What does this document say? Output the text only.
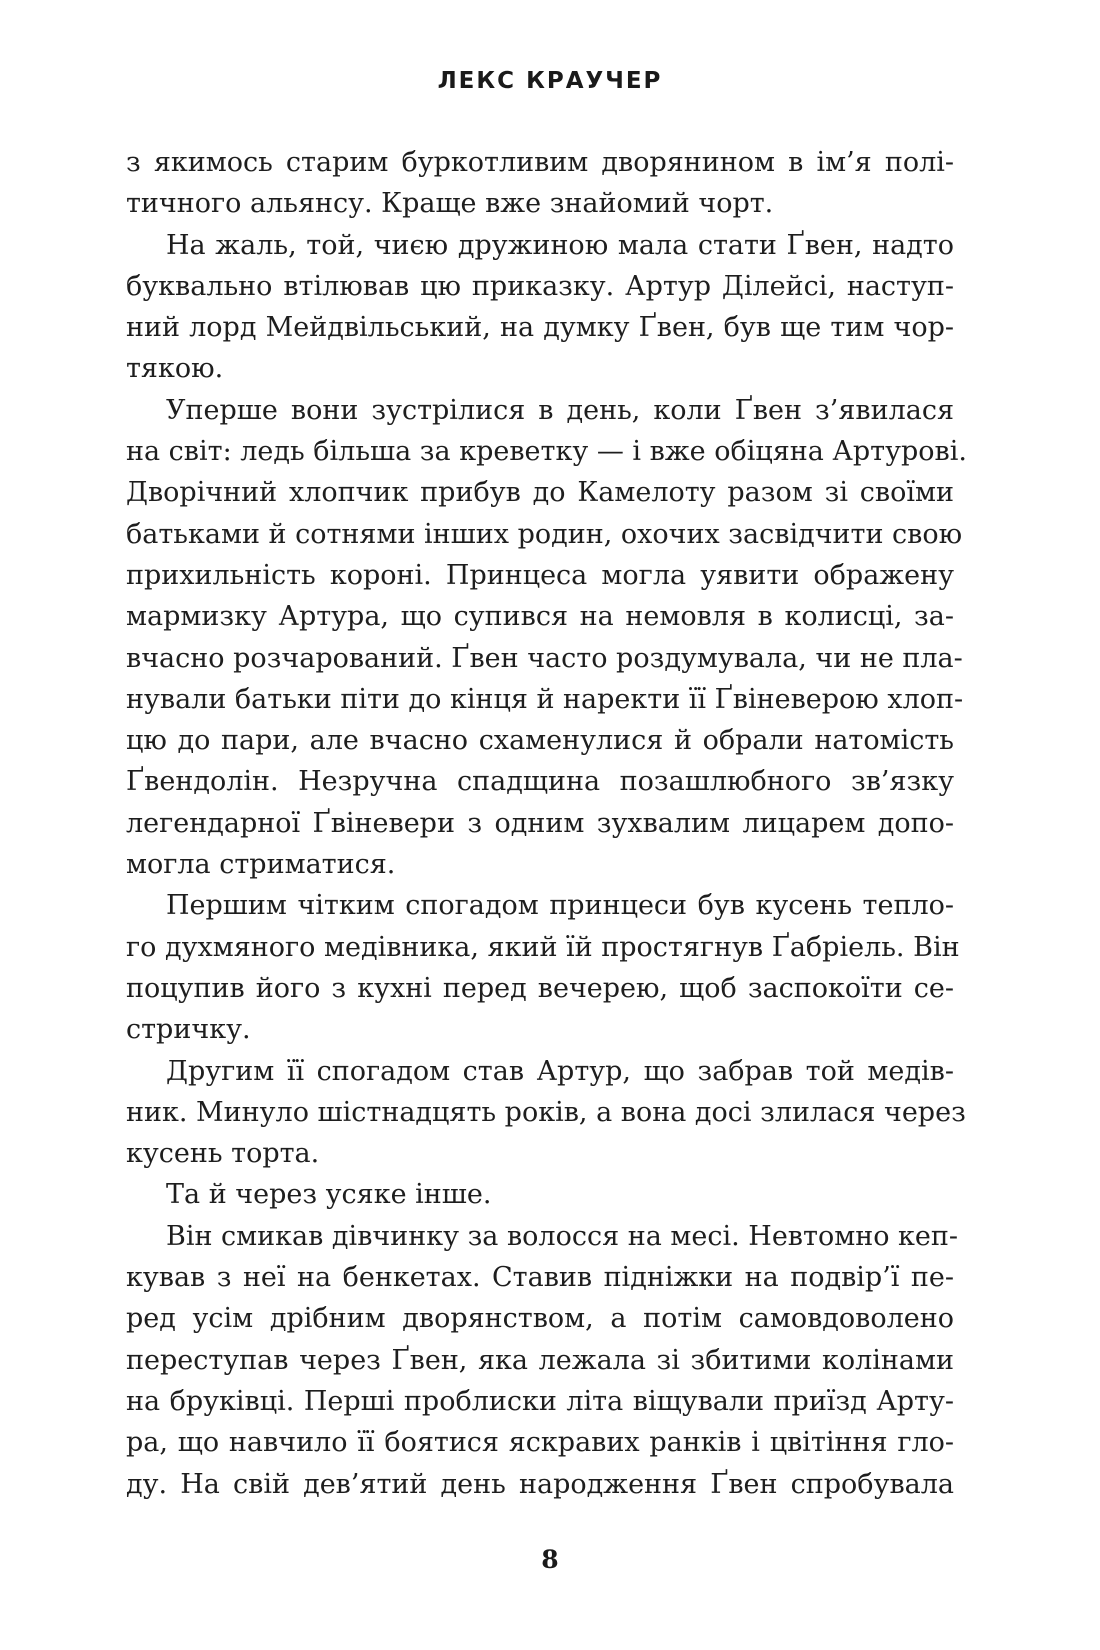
ЛЕКС КРАУЧЕР
з якимось старим буркотливим дворянином в ім’я полі-
тичного альянсу. Краще вже знайомий чорт.
На жаль, той, чиєю дружиною мала стати Ґвен, надто
буквально втілював цю приказку. Артур Ділейсі, наступ-
ний лорд Мейдвільський, на думку Ґвен, був ще тим чор-
тякою.
Уперше вони зустрілися в день, коли Ґвен з’явилася
на світ: ледь більша за креветку — і вже обіцяна Артурові.
Дворічний хлопчик прибув до Камелоту разом зі своїми
батьками й сотнями інших родин, охочих засвідчити свою
прихильність короні. Принцеса могла уявити ображену
мармизку Артура, що супився на немовля в колисці, за-
вчасно розчарований. Ґвен часто роздумувала, чи не пла-
нували батьки піти до кінця й наректи її Ґвіневерою хлоп-
цю до пари, але вчасно схаменулися й обрали натомість
Ґвендолін. Незручна спадщина позашлюбного зв’язку
легендарної Ґвіневери з одним зухвалим лицарем допо-
могла стриматися.
Першим чітким спогадом принцеси був кусень тепло-
го духмяного медівника, який їй простягнув Ґабріель. Він
поцупив його з кухні перед вечерею, щоб заспокоїти се-
стричку.
Другим її спогадом став Артур, що забрав той медів-
ник. Минуло шістнадцять років, а вона досі злилася через
кусень торта.
Та й через усяке інше.
Він смикав дівчинку за волосся на месі. Невтомно кеп-
кував з неї на бенкетах. Ставив підніжки на подвір’ї пе-
ред усім дрібним дворянством, а потім самовдоволено
переступав через Ґвен, яка лежала зі збитими колінами
на бруківці. Перші проблиски літа віщували приїзд Арту-
ра, що навчило її боятися яскравих ранків і цвітіння гло-
ду. На свій дев’ятий день народження Ґвен спробувала
8
